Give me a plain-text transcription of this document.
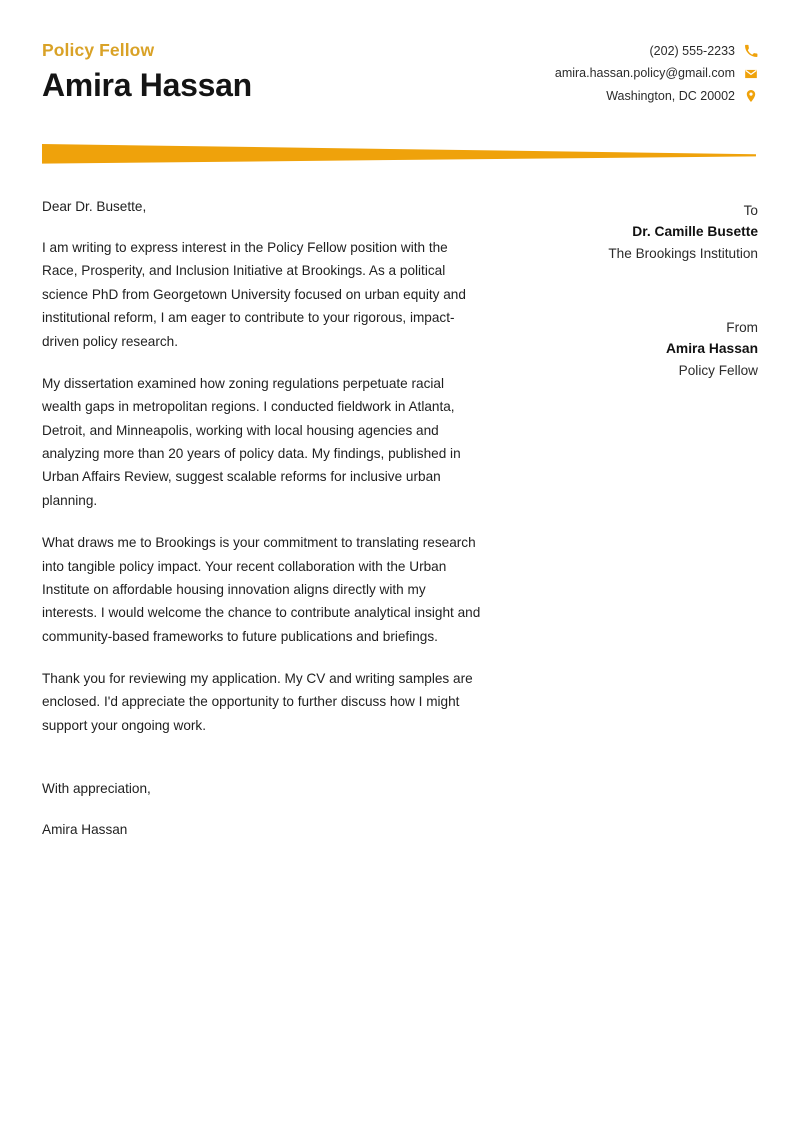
Policy Fellow
Amira Hassan
(202) 555-2233
amira.hassan.policy@gmail.com
Washington, DC 20002

Dear Dr. Busette,

I am writing to express interest in the Policy Fellow position with the Race, Prosperity, and Inclusion Initiative at Brookings. As a political science PhD from Georgetown University focused on urban equity and institutional reform, I am eager to contribute to your rigorous, impact-driven policy research.

My dissertation examined how zoning regulations perpetuate racial wealth gaps in metropolitan regions. I conducted fieldwork in Atlanta, Detroit, and Minneapolis, working with local housing agencies and analyzing more than 20 years of policy data. My findings, published in Urban Affairs Review, suggest scalable reforms for inclusive urban planning.

What draws me to Brookings is your commitment to translating research into tangible policy impact. Your recent collaboration with the Urban Institute on affordable housing innovation aligns directly with my interests. I would welcome the chance to contribute analytical insight and community-based frameworks to future publications and briefings.

Thank you for reviewing my application. My CV and writing samples are enclosed. I'd appreciate the opportunity to further discuss how I might support your ongoing work.

With appreciation,

Amira Hassan

To

Dr. Camille Busette

The Brookings Institution

From

Amira Hassan

Policy Fellow
